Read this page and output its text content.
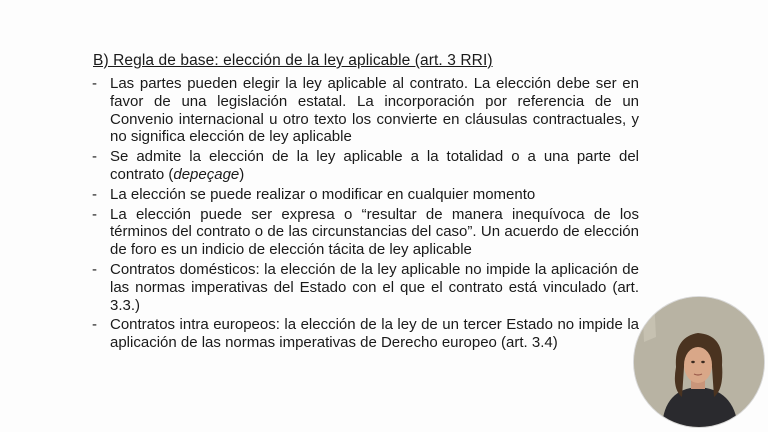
B) Regla de base: elección de la ley aplicable (art. 3 RRI)
- Las partes pueden elegir la ley aplicable al contrato. La elección debe ser en favor de una legislación estatal. La incorporación por referencia de un Convenio internacional u otro texto los convierte en cláusulas contractuales, y no significa elección de ley aplicable
- Se admite la elección de la ley aplicable a la totalidad o a una parte del contrato (depeçage)
- La elección se puede realizar o modificar en cualquier momento
- La elección puede ser expresa o “resultar de manera inequívoca de los términos del contrato o de las circunstancias del caso”. Un acuerdo de elección de foro es un indicio de elección tácita de ley aplicable
- Contratos domésticos: la elección de la ley aplicable no impide la aplicación de las normas imperativas del Estado con el que el contrato está vinculado (art. 3.3.)
- Contratos intra europeos: la elección de la ley de un tercer Estado no impide la aplicación de las normas imperativas de Derecho europeo (art. 3.4)
